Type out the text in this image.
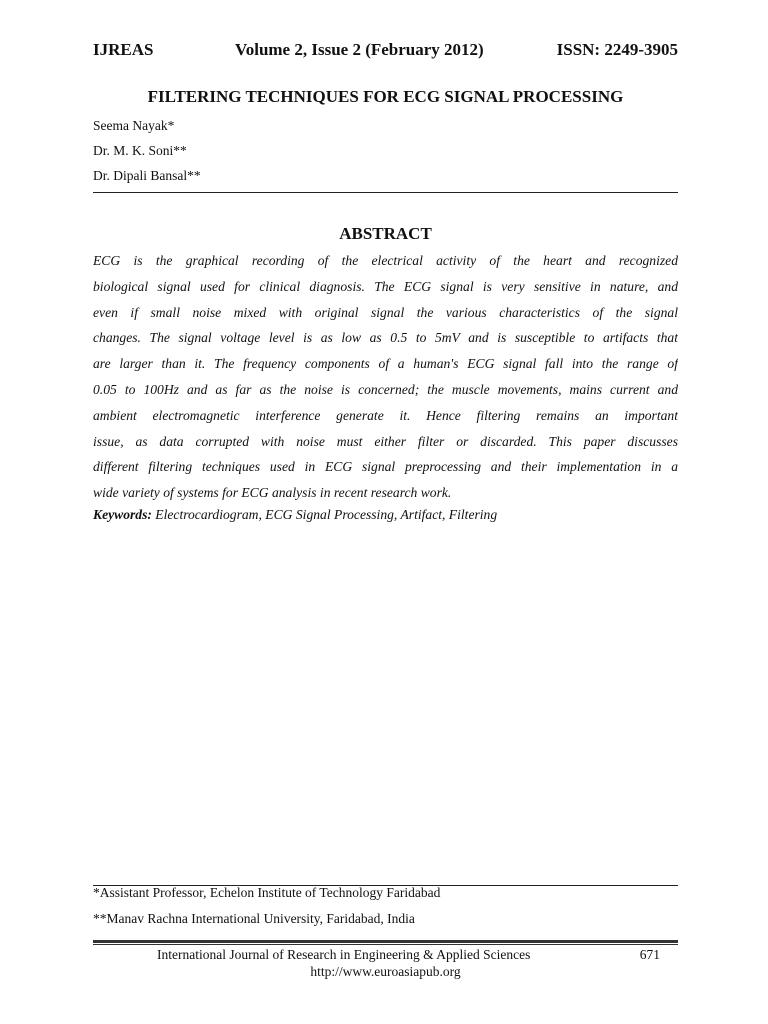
IJREAS	Volume 2, Issue 2 (February 2012)	ISSN: 2249-3905
FILTERING TECHNIQUES FOR ECG SIGNAL PROCESSING
Seema Nayak*
Dr. M. K. Soni**
Dr. Dipali Bansal**
ABSTRACT
ECG is the graphical recording of the electrical activity of the heart and recognized
biological signal used for clinical diagnosis. The ECG signal is very sensitive in nature, and
even if small noise mixed with original signal the various characteristics of the signal
changes. The signal voltage level is as low as 0.5 to 5mV and is susceptible to artifacts that
are larger than it. The frequency components of a human's ECG signal fall into the range of
0.05 to 100Hz and as far as the noise is concerned; the muscle movements, mains current and
ambient electromagnetic interference generate it. Hence filtering remains an important
issue, as data corrupted with noise must either filter or discarded. This paper discusses
different filtering techniques used in ECG signal preprocessing and their implementation in a
wide variety of systems for ECG analysis in recent research work.
Keywords: Electrocardiogram, ECG Signal Processing, Artifact, Filtering
*Assistant Professor, Echelon Institute of Technology Faridabad
**Manav Rachna International University, Faridabad, India
International Journal of Research in Engineering & Applied Sciences	671
http://www.euroasiapub.org
